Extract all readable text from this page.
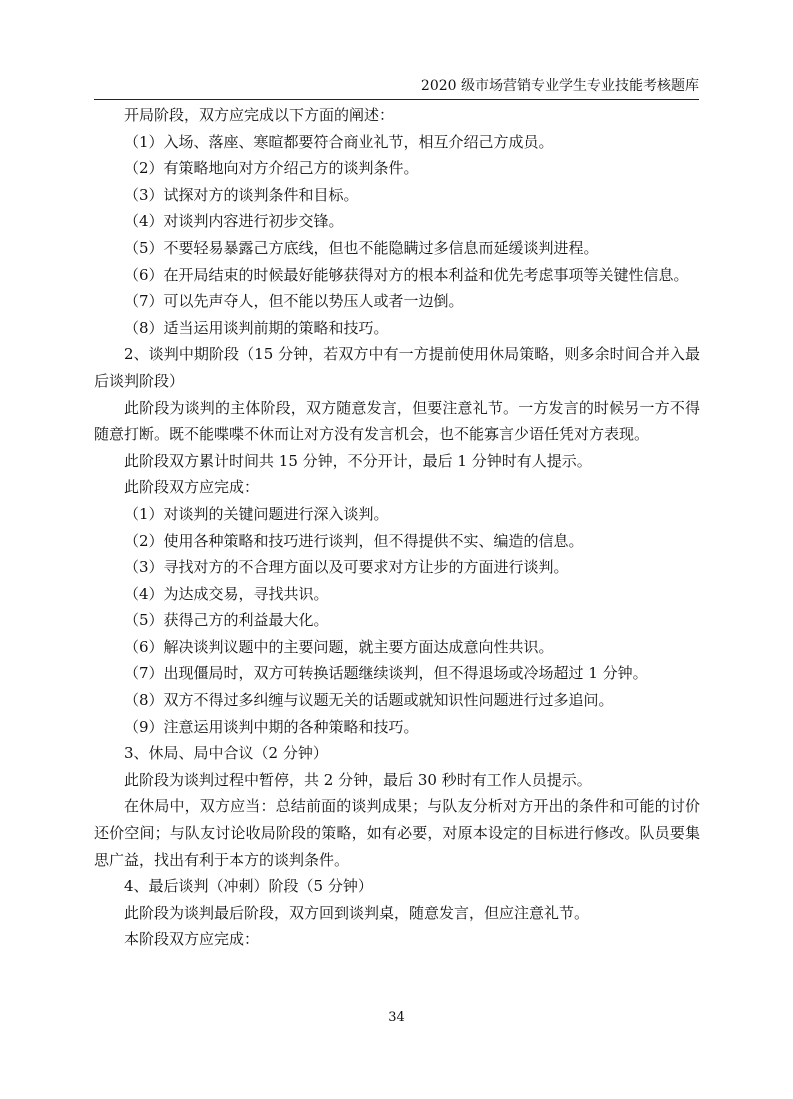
2020 级市场营销专业学生专业技能考核题库

开局阶段，双方应完成以下方面的阐述：

（1）入场、落座、寒暄都要符合商业礼节，相互介绍己方成员。

（2）有策略地向对方介绍己方的谈判条件。

（3）试探对方的谈判条件和目标。

（4）对谈判内容进行初步交锋。

（5）不要轻易暴露己方底线，但也不能隐瞒过多信息而延缓谈判进程。

（6）在开局结束的时候最好能够获得对方的根本利益和优先考虑事项等关键性信息。

（7）可以先声夺人，但不能以势压人或者一边倒。

（8）适当运用谈判前期的策略和技巧。

2、谈判中期阶段（15 分钟，若双方中有一方提前使用休局策略，则多余时间合并入最后谈判阶段）

此阶段为谈判的主体阶段，双方随意发言，但要注意礼节。一方发言的时候另一方不得随意打断。既不能喋喋不休而让对方没有发言机会，也不能寡言少语任凭对方表现。

此阶段双方累计时间共 15 分钟，不分开计，最后 1 分钟时有人提示。

此阶段双方应完成：

（1）对谈判的关键问题进行深入谈判。

（2）使用各种策略和技巧进行谈判，但不得提供不实、编造的信息。

（3）寻找对方的不合理方面以及可要求对方让步的方面进行谈判。

（4）为达成交易，寻找共识。

（5）获得己方的利益最大化。

（6）解决谈判议题中的主要问题，就主要方面达成意向性共识。

（7）出现僵局时，双方可转换话题继续谈判，但不得退场或冷场超过 1 分钟。

（8）双方不得过多纠缠与议题无关的话题或就知识性问题进行过多追问。

（9）注意运用谈判中期的各种策略和技巧。

3、休局、局中合议（2 分钟）

此阶段为谈判过程中暂停，共 2 分钟，最后 30 秒时有工作人员提示。

在休局中，双方应当：总结前面的谈判成果；与队友分析对方开出的条件和可能的讨价还价空间；与队友讨论收局阶段的策略，如有必要，对原本设定的目标进行修改。队员要集思广益，找出有利于本方的谈判条件。

4、最后谈判（冲刺）阶段（5 分钟）

此阶段为谈判最后阶段，双方回到谈判桌，随意发言，但应注意礼节。

本阶段双方应完成：

34
